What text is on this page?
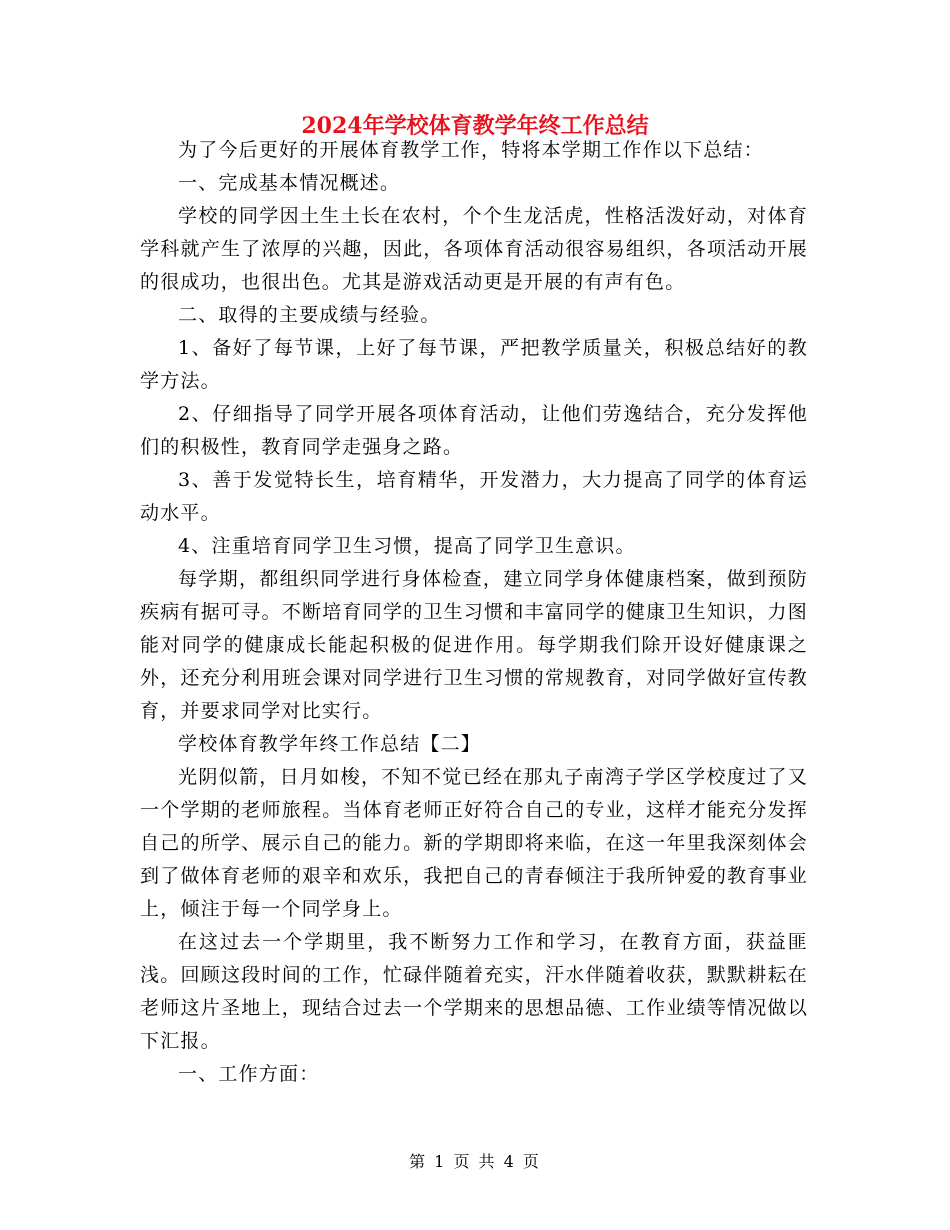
2024年学校体育教学年终工作总结

为了今后更好的开展体育教学工作，特将本学期工作作以下总结：

一、完成基本情况概述。

学校的同学因土生土长在农村，个个生龙活虎，性格活泼好动，对体育学科就产生了浓厚的兴趣，因此，各项体育活动很容易组织，各项活动开展的很成功，也很出色。尤其是游戏活动更是开展的有声有色。

二、取得的主要成绩与经验。

1、备好了每节课，上好了每节课，严把教学质量关，积极总结好的教学方法。

2、仔细指导了同学开展各项体育活动，让他们劳逸结合，充分发挥他们的积极性，教育同学走强身之路。

3、善于发觉特长生，培育精华，开发潜力，大力提高了同学的体育运动水平。

4、注重培育同学卫生习惯，提高了同学卫生意识。

每学期，都组织同学进行身体检查，建立同学身体健康档案，做到预防疾病有据可寻。不断培育同学的卫生习惯和丰富同学的健康卫生知识，力图能对同学的健康成长能起积极的促进作用。每学期我们除开设好健康课之外，还充分利用班会课对同学进行卫生习惯的常规教育，对同学做好宣传教育，并要求同学对比实行。

学校体育教学年终工作总结【二】

光阴似箭，日月如梭，不知不觉已经在那丸子南湾子学区学校度过了又一个学期的老师旅程。当体育老师正好符合自己的专业，这样才能充分发挥自己的所学、展示自己的能力。新的学期即将来临，在这一年里我深刻体会到了做体育老师的艰辛和欢乐，我把自己的青春倾注于我所钟爱的教育事业上，倾注于每一个同学身上。

在这过去一个学期里，我不断努力工作和学习，在教育方面，获益匪浅。回顾这段时间的工作，忙碌伴随着充实，汗水伴随着收获，默默耕耘在老师这片圣地上，现结合过去一个学期来的思想品德、工作业绩等情况做以下汇报。

一、工作方面：

第 1 页 共 4 页
